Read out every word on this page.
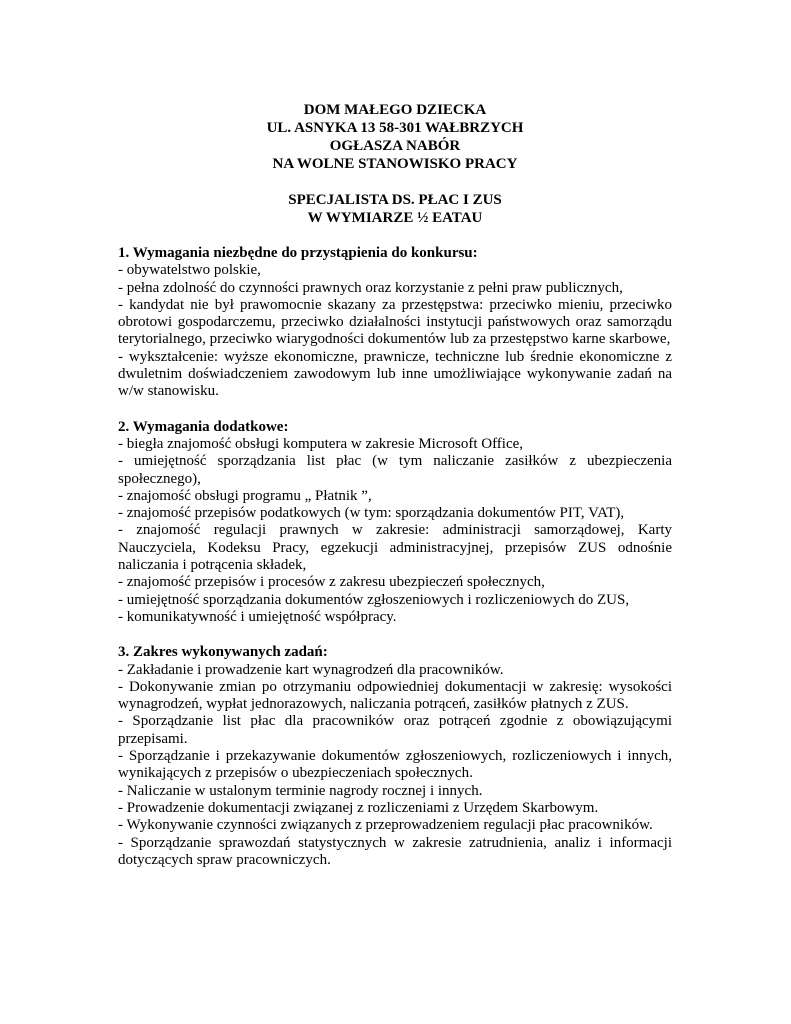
DOM MAŁEGO DZIECKA
UL. ASNYKA 13 58-301 WAŁBRZYCH
OGŁASZA NABÓR
NA WOLNE STANOWISKO PRACY
SPECJALISTA DS. PŁAC I ZUS
W WYMIARZE ½ EATAU
1. Wymagania niezbędne do przystąpienia do konkursu:
- obywatelstwo polskie,
- pełna zdolność do czynności prawnych oraz korzystanie z pełni praw publicznych,
- kandydat nie był prawomocnie skazany za przestępstwa: przeciwko mieniu, przeciwko obrotowi gospodarczemu, przeciwko działalności instytucji państwowych oraz samorządu terytorialnego, przeciwko wiarygodności dokumentów lub za przestępstwo karne skarbowe,
- wykształcenie: wyższe ekonomiczne, prawnicze, techniczne lub średnie ekonomiczne z dwuletnim doświadczeniem zawodowym lub inne umożliwiające wykonywanie zadań na w/w stanowisku.
2. Wymagania dodatkowe:
- biegła znajomość obsługi komputera w zakresie Microsoft Office,
- umiejętność sporządzania list płac (w tym naliczanie zasiłków z ubezpieczenia społecznego),
- znajomość obsługi programu „ Płatnik ”,
- znajomość przepisów podatkowych (w tym: sporządzania dokumentów PIT, VAT),
- znajomość regulacji prawnych w zakresie: administracji samorządowej, Karty Nauczyciela, Kodeksu Pracy, egzekucji administracyjnej, przepisów ZUS odnośnie naliczania i potrącenia składek,
- znajomość przepisów i procesów z zakresu ubezpieczeń społecznych,
- umiejętność sporządzania dokumentów zgłoszeniowych i rozliczeniowych do ZUS,
- komunikatywność i umiejętność współpracy.
3. Zakres wykonywanych zadań:
- Zakładanie i prowadzenie kart wynagrodzeń dla pracowników.
- Dokonywanie zmian po otrzymaniu odpowiedniej dokumentacji w zakresię: wysokości wynagrodzeń, wypłat jednorazowych, naliczania potrąceń, zasiłków płatnych z ZUS.
- Sporządzanie list płac dla pracowników oraz potrąceń zgodnie z obowiązującymi przepisami.
- Sporządzanie i przekazywanie dokumentów zgłoszeniowych, rozliczeniowych i innych, wynikających z przepisów o ubezpieczeniach społecznych.
- Naliczanie w ustalonym terminie nagrody rocznej i innych.
- Prowadzenie dokumentacji związanej z rozliczeniami z Urzędem Skarbowym.
- Wykonywanie czynności związanych z przeprowadzeniem regulacji płac pracowników.
- Sporządzanie sprawozdań statystycznych w zakresie zatrudnienia, analiz i informacji dotyczących spraw pracowniczych.
